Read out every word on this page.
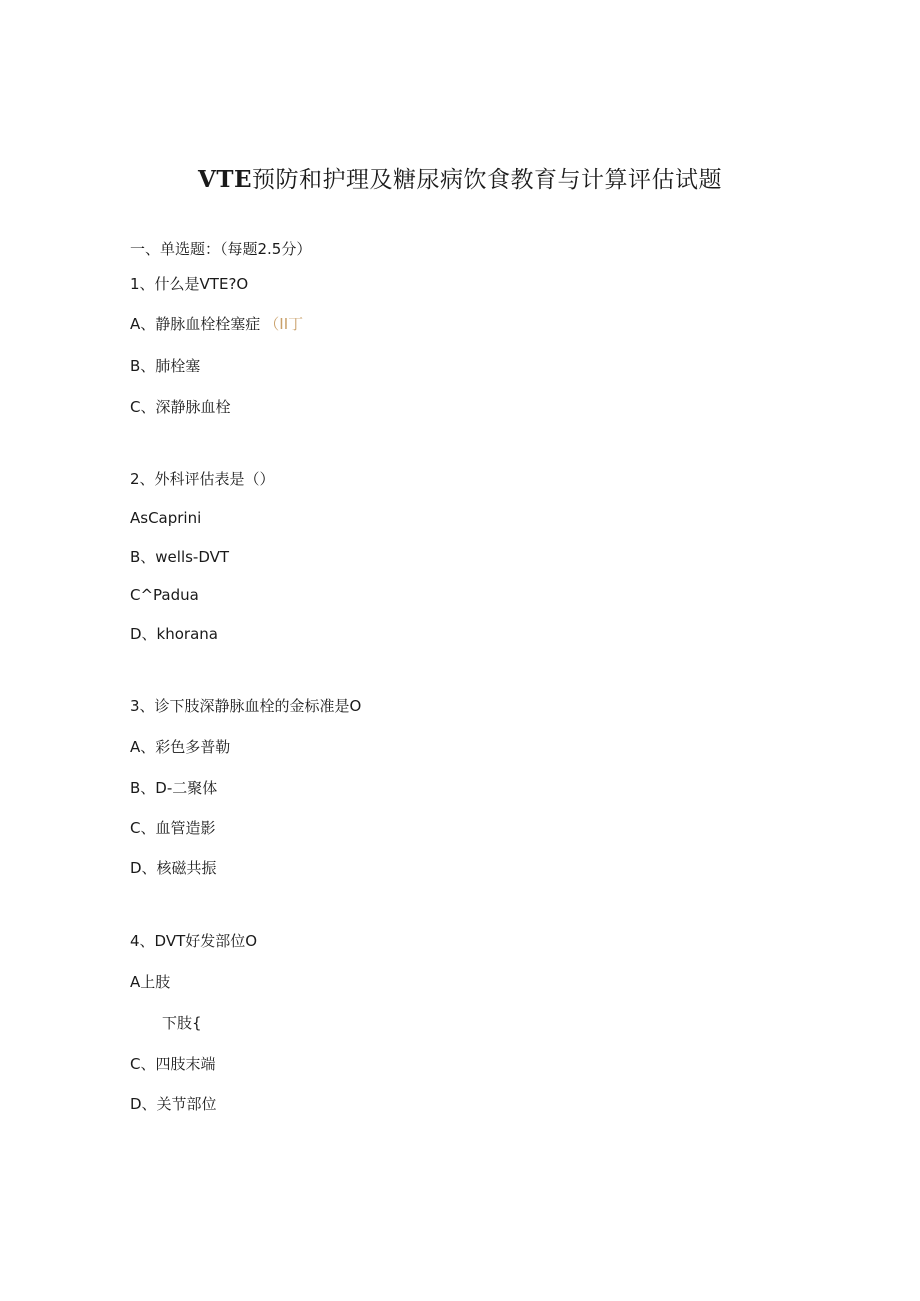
VTE预防和护理及糖尿病饮食教育与计算评估试题
一、单选题：（每题2.5分）
1、什么是VTE?O
A、静脉血栓栓塞症 （II丁
B、肺栓塞
C、深静脉血栓
2、外科评估表是（）
AsCaprini
B、wells-DVT
C^Padua
D、khorana
3、诊下肢深静脉血栓的金标准是O
A、彩色多普勒
B、D-二聚体
C、血管造影
D、核磁共振
4、DVT好发部位O
A上肢
下肢{
C、四肢末端
D、关节部位
